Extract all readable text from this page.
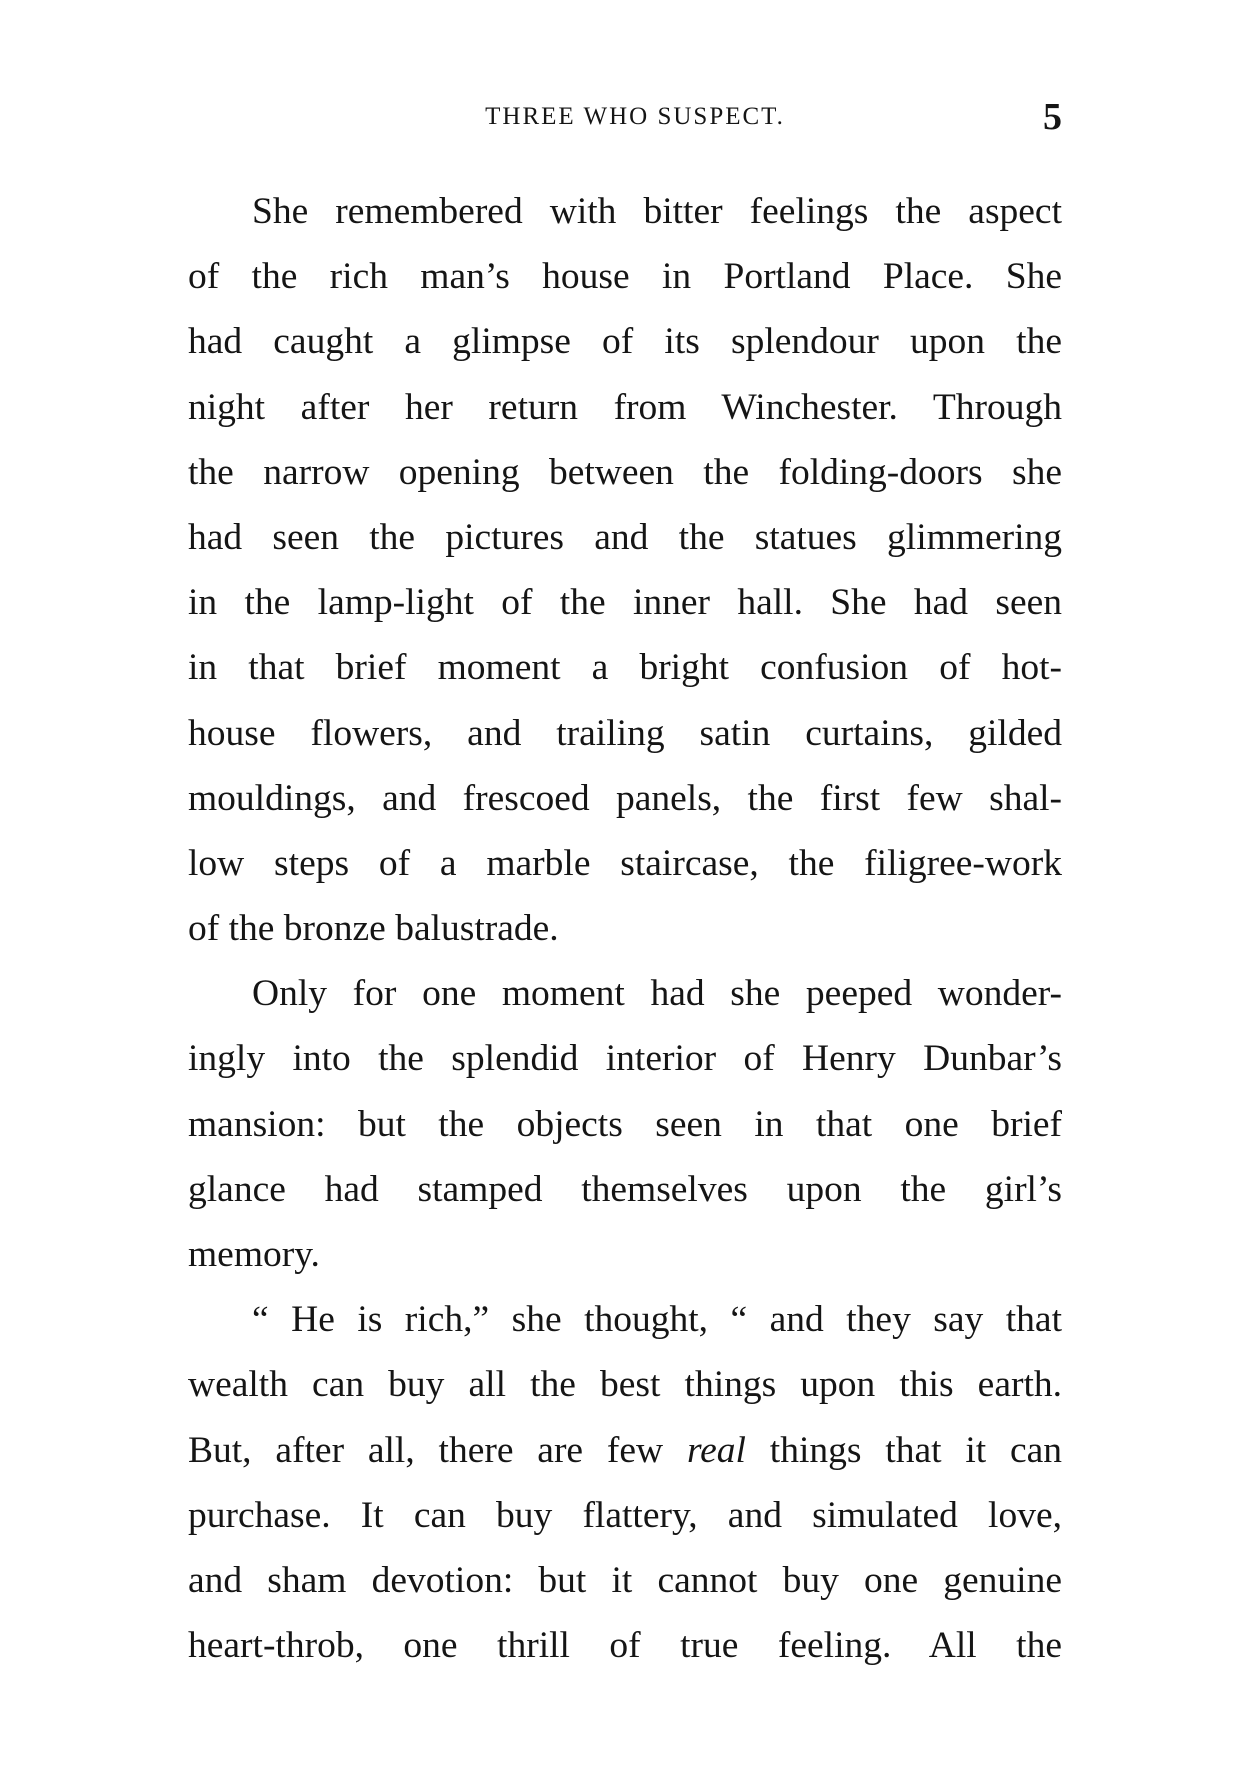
THREE WHO SUSPECT.	5
She remembered with bitter feelings the aspect
of the rich man’s house in Portland Place. She
had caught a glimpse of its splendour upon the
night after her return from Winchester. Through
the narrow opening between the folding-doors she
had seen the pictures and the statues glimmering
in the lamp-light of the inner hall. She had seen
in that brief moment a bright confusion of hot-
house flowers, and trailing satin curtains, gilded
mouldings, and frescoed panels, the first few shal-
low steps of a marble staircase, the filigree-work
of the bronze balustrade.
Only for one moment had she peeped wonder-
ingly into the splendid interior of Henry Dunbar’s
mansion: but the objects seen in that one brief
glance had stamped themselves upon the girl’s
memory.
“ He is rich,” she thought, “ and they say that
wealth can buy all the best things upon this earth.
But, after all, there are few real things that it can
purchase. It can buy flattery, and simulated love,
and sham devotion: but it cannot buy one genuine
heart-throb, one thrill of true feeling. All the
